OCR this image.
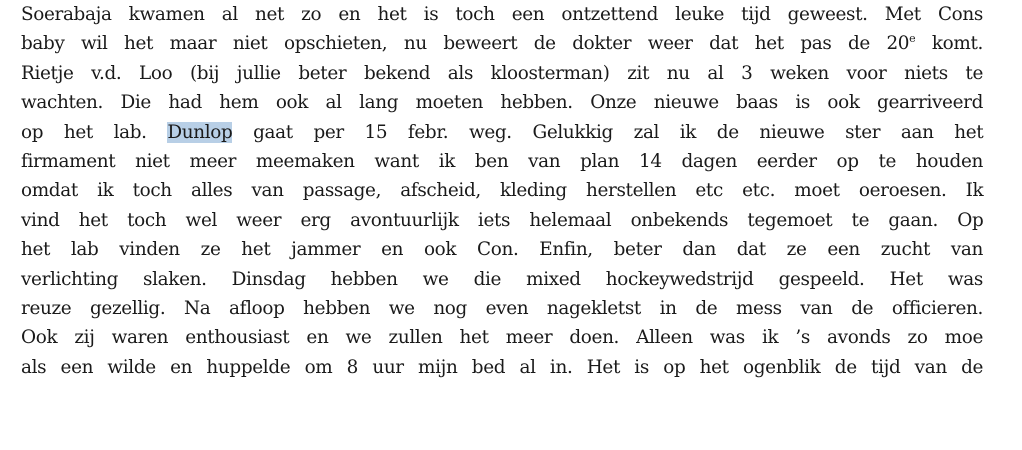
Soerabaja kwamen al net zo en het is toch een ontzettend leuke tijd geweest. Met Cons
baby wil het maar niet opschieten, nu beweert de dokter weer dat het pas de 20e komt.
Rietje v.d. Loo (bij jullie beter bekend als kloosterman) zit nu al 3 weken voor niets te
wachten. Die had hem ook al lang moeten hebben. Onze nieuwe baas is ook gearriveerd
op het lab. Dunlop gaat per 15 febr. weg. Gelukkig zal ik de nieuwe ster aan het
firmament niet meer meemaken want ik ben van plan 14 dagen eerder op te houden
omdat ik toch alles van passage, afscheid, kleding herstellen etc etc. moet oeroesen. Ik
vind het toch wel weer erg avontuurlijk iets helemaal onbekends tegemoet te gaan. Op
het lab vinden ze het jammer en ook Con. Enfin, beter dan dat ze een zucht van
verlichting slaken. Dinsdag hebben we die mixed hockeywedstrijd gespeeld. Het was
reuze gezellig. Na afloop hebben we nog even nagekletst in de mess van de officieren.
Ook zij waren enthousiast en we zullen het meer doen. Alleen was ik ’s avonds zo moe
als een wilde en huppelde om 8 uur mijn bed al in. Het is op het ogenblik de tijd van de
